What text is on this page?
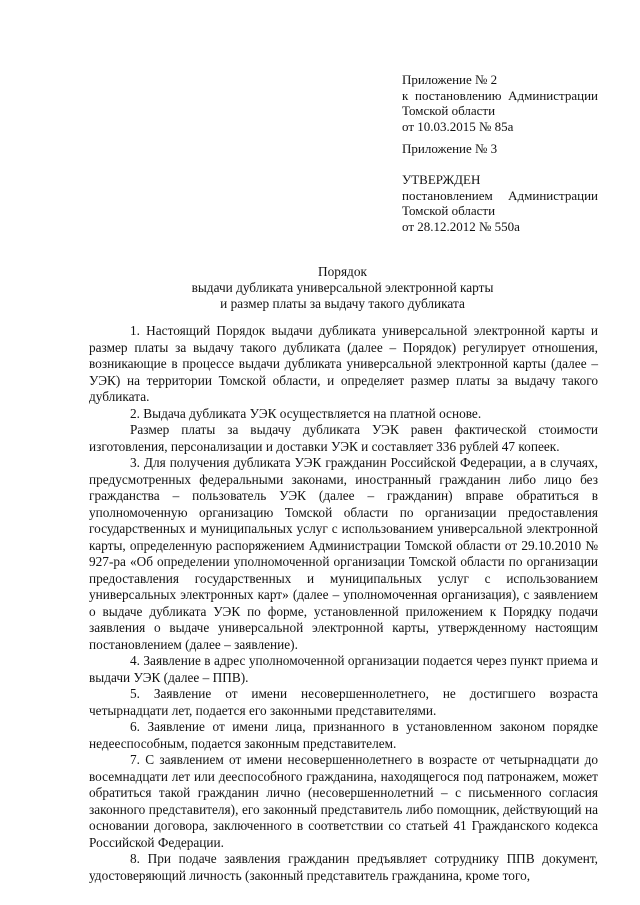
Приложение № 2
к постановлению Администрации
Томской области
от 10.03.2015 № 85а
Приложение № 3
УТВЕРЖДЕН
постановлением Администрации
Томской области
от 28.12.2012 № 550а
Порядок
выдачи дубликата универсальной электронной карты
и размер платы за выдачу такого дубликата

1. Настоящий Порядок выдачи дубликата универсальной электронной карты и размер платы за выдачу такого дубликата (далее – Порядок) регулирует отношения, возникающие в процессе выдачи дубликата универсальной электронной карты (далее – УЭК) на территории Томской области, и определяет размер платы за выдачу такого дубликата.

2. Выдача дубликата УЭК осуществляется на платной основе.

Размер платы за выдачу дубликата УЭК равен фактической стоимости изготовления, персонализации и доставки УЭК и составляет 336 рублей 47 копеек.

3. Для получения дубликата УЭК гражданин Российской Федерации, а в случаях, предусмотренных федеральными законами, иностранный гражданин либо лицо без гражданства – пользователь УЭК (далее – гражданин) вправе обратиться в уполномоченную организацию Томской области по организации предоставления государственных и муниципальных услуг с использованием универсальной электронной карты, определенную распоряжением Администрации Томской области от 29.10.2010 № 927-ра «Об определении уполномоченной организации Томской области по организации предоставления государственных и муниципальных услуг с использованием универсальных электронных карт» (далее – уполномоченная организация), с заявлением о выдаче дубликата УЭК по форме, установленной приложением к Порядку подачи заявления о выдаче универсальной электронной карты, утвержденному настоящим постановлением (далее – заявление).

4. Заявление в адрес уполномоченной организации подается через пункт приема и выдачи УЭК (далее – ППВ).

5. Заявление от имени несовершеннолетнего, не достигшего возраста четырнадцати лет, подается его законными представителями.

6. Заявление от имени лица, признанного в установленном законом порядке недееспособным, подается законным представителем.

7. С заявлением от имени несовершеннолетнего в возрасте от четырнадцати до восемнадцати лет или дееспособного гражданина, находящегося под патронажем, может обратиться такой гражданин лично (несовершеннолетний – с письменного согласия законного представителя), его законный представитель либо помощник, действующий на основании договора, заключенного в соответствии со статьей 41 Гражданского кодекса Российской Федерации.

8. При подаче заявления гражданин предъявляет сотруднику ППВ документ, удостоверяющий личность (законный представитель гражданина, кроме того,
